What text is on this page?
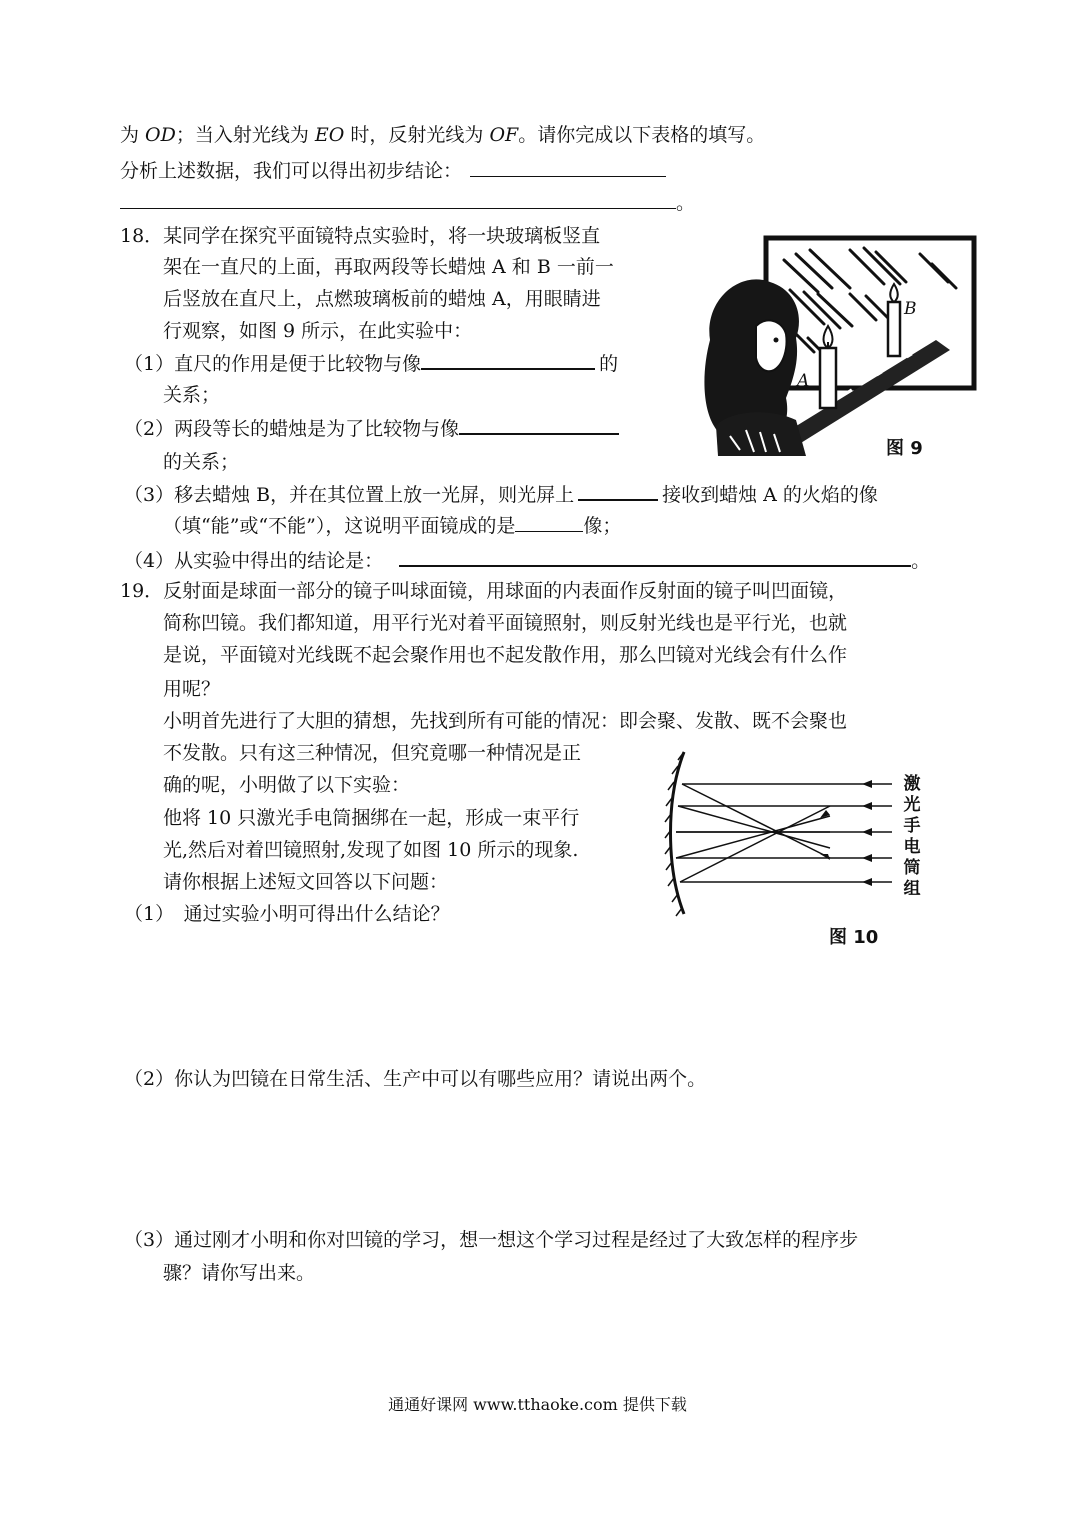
为 OD；当入射光线为 EO 时，反射光线为 OF。请你完成以下表格的填写。
分析上述数据，我们可以得出初步结论：
。
18．某同学在探究平面镜特点实验时，将一块玻璃板竖直
架在一直尺的上面，再取两段等长蜡烛 A 和 B 一前一
后竖放在直尺上，点燃玻璃板前的蜡烛 A，用眼睛进
行观察，如图 9 所示，在此实验中：
（1）直尺的作用是便于比较物与像	的
关系；
（2）两段等长的蜡烛是为了比较物与像
的关系；
（3）移去蜡烛 B，并在其位置上放一光屏，则光屏上	接收到蜡烛 A 的火焰的像
（填“能”或“不能”），这说明平面镜成的是	像；
（4）从实验中得出的结论是：	。
A
B
图 9
19．反射面是球面一部分的镜子叫球面镜，用球面的内表面作反射面的镜子叫凹面镜，
简称凹镜。我们都知道，用平行光对着平面镜照射，则反射光线也是平行光，也就
是说，平面镜对光线既不起会聚作用也不起发散作用，那么凹镜对光线会有什么作
用呢？
小明首先进行了大胆的猜想，先找到所有可能的情况：即会聚、发散、既不会聚也
不发散。只有这三种情况，但究竟哪一种情况是正
确的呢，小明做了以下实验：
他将 10 只激光手电筒捆绑在一起，形成一束平行
光,然后对着凹镜照射,发现了如图 10 所示的现象.
请你根据上述短文回答以下问题：
（1）　通过实验小明可得出什么结论？
（2）你认为凹镜在日常生活、生产中可以有哪些应用？请说出两个。
（3）通过刚才小明和你对凹镜的学习，想一想这个学习过程是经过了大致怎样的程序步
骤？请你写出来。
激
光
手
电
筒
组
图 10
通通好课网 www.tthaoke.com 提供下载
